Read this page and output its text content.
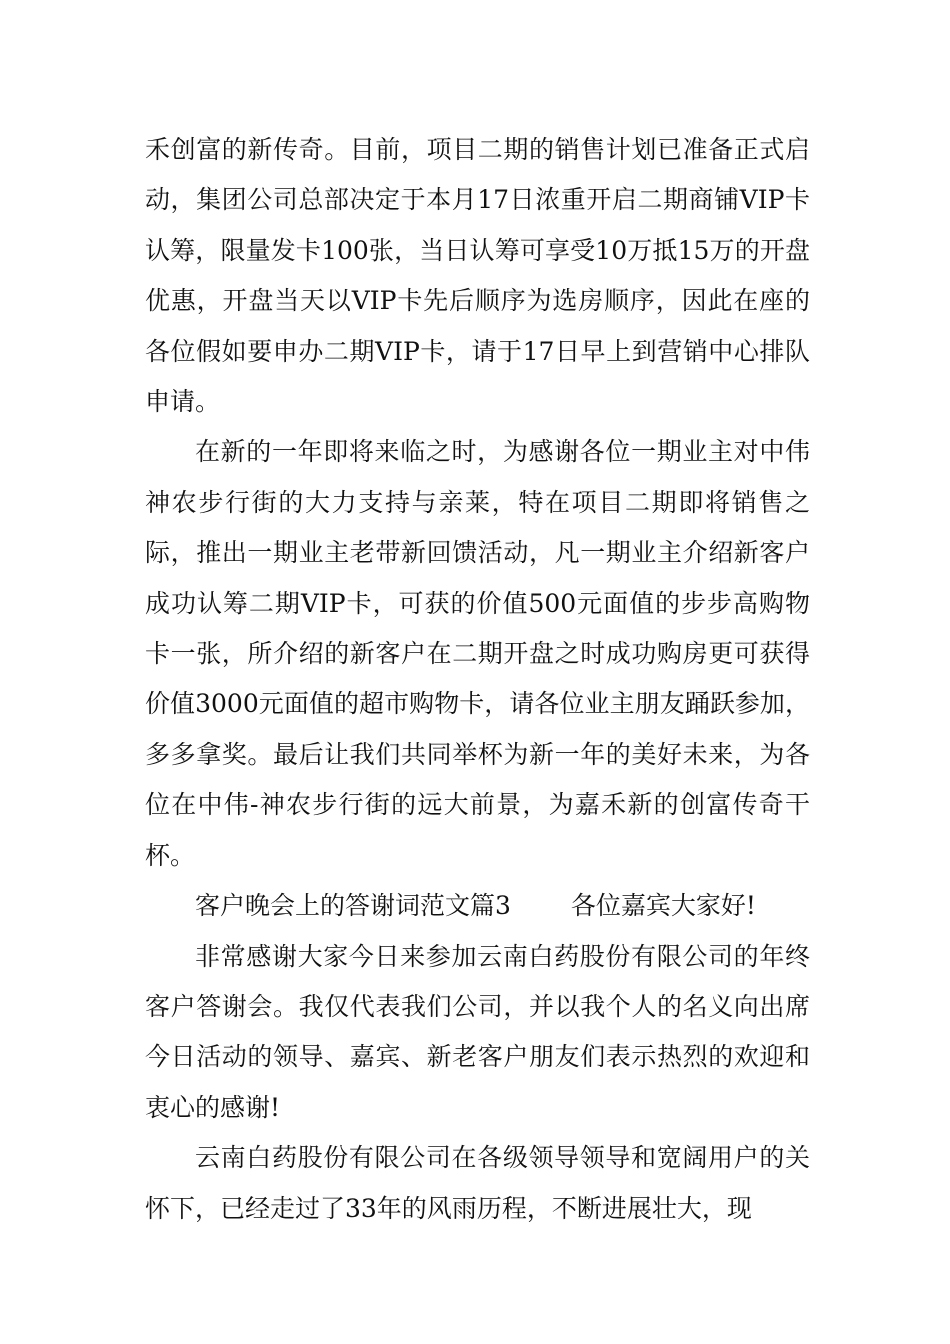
禾创富的新传奇。目前，项目二期的销售计划已准备正式启动，集团公司总部决定于本月17日浓重开启二期商铺VIP卡认筹，限量发卡100张，当日认筹可享受10万抵15万的开盘优惠，开盘当天以VIP卡先后顺序为选房顺序，因此在座的各位假如要申办二期VIP卡，请于17日早上到营销中心排队申请。

在新的一年即将来临之时，为感谢各位一期业主对中伟神农步行街的大力支持与亲莱，特在项目二期即将销售之际，推出一期业主老带新回馈活动，凡一期业主介绍新客户成功认筹二期VIP卡，可获的价值500元面值的步步高购物卡一张，所介绍的新客户在二期开盘之时成功购房更可获得价值3000元面值的超市购物卡，请各位业主朋友踊跃参加，多多拿奖。最后让我们共同举杯为新一年的美好未来，为各位在中伟-神农步行街的远大前景，为嘉禾新的创富传奇干杯。

客户晚会上的答谢词范文篇3 各位嘉宾大家好!

非常感谢大家今日来参加云南白药股份有限公司的年终客户答谢会。我仅代表我们公司，并以我个人的名义向出席今日活动的领导、嘉宾、新老客户朋友们表示热烈的欢迎和衷心的感谢!

云南白药股份有限公司在各级领导领导和宽阔用户的关怀下，已经走过了33年的风雨历程，不断进展壮大，现
